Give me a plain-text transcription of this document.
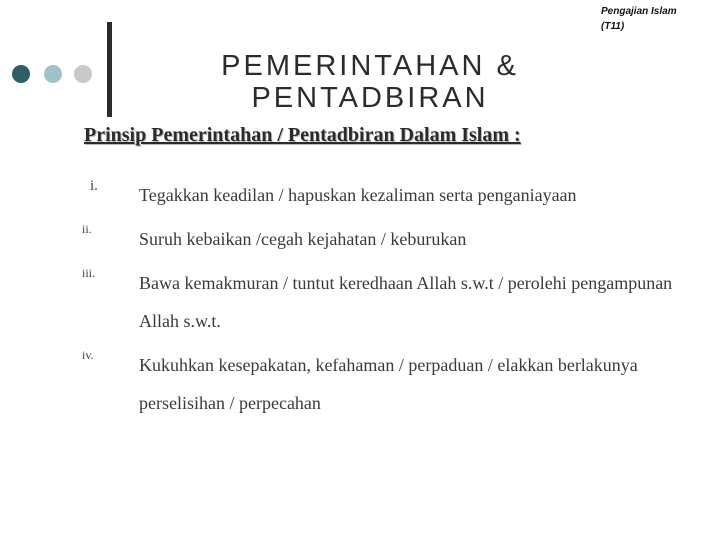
Pengajian Islam
(T11)
PEMERINTAHAN &
PENTADBIRAN
Prinsip Pemerintahan / Pentadbiran Dalam Islam :
i.	Tegakkan keadilan / hapuskan kezaliman serta penganiayaan
ii.	Suruh kebaikan /cegah kejahatan / keburukan
iii.	Bawa kemakmuran / tuntut keredhaan Allah s.w.t / perolehi pengampunan Allah s.w.t.
iv.	Kukuhkan kesepakatan, kefahaman / perpaduan / elakkan berlakunya perselisihan / perpecahan
